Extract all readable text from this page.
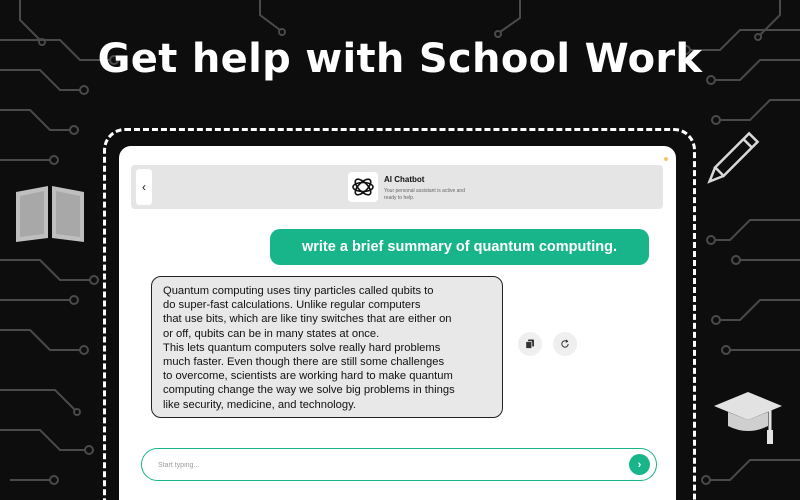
Get help with School Work
‹
AI Chatbot
Your personal assistant is active and ready to help.
write a brief summary of quantum computing.

Quantum computing uses tiny particles called qubits to

do super-fast calculations. Unlike regular computers

that use bits, which are like tiny switches that are either on

or off, qubits can be in many states at once.

This lets quantum computers solve really hard problems

much faster. Even though there are still some challenges

to overcome, scientists are working hard to make quantum

computing change the way we solve big problems in things

like security, medicine, and technology.

Start typing...
›
